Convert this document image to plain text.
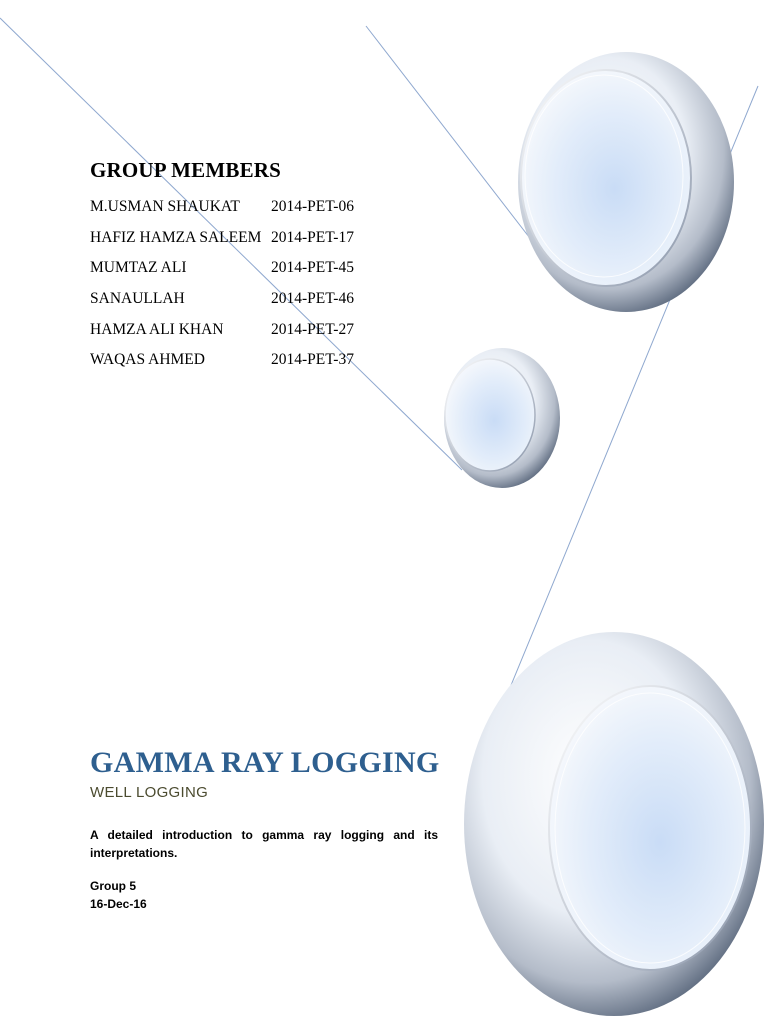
GROUP MEMBERS
M.USMAN SHAUKAT 2014-PET-06
HAFIZ HAMZA SALEEM 2014-PET-17
MUMTAZ ALI	2014-PET-45
SANAULLAH	2014-PET-46
HAMZA ALI KHAN	2014-PET-27
WAQAS AHMED	2014-PET-37
GAMMA RAY LOGGING
WELL LOGGING

A detailed introduction to gamma ray logging and its interpretations.

Group 5
16-Dec-16
